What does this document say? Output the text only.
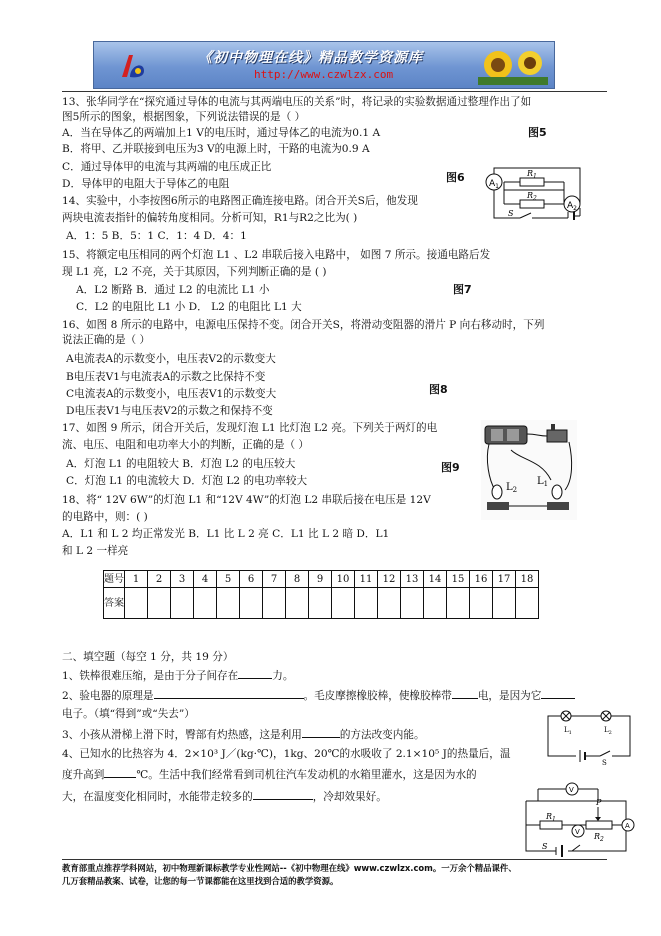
《初中物理在线》精品教学资源库
http://www.czwlzx.com
13、张华同学在“探究通过导体的电流与其两端电压的关系”时，将记录的实验数据通过整理作出了如
图5所示的图象，根据图象，下列说法错误的是（ ）
A．当在导体乙的两端加上1 V的电压时，通过导体乙的电流为0.1 A
B．将甲、乙并联接到电压为3 V的电源上时，干路的电流为0.9 A
C．通过导体甲的电流与其两端的电压成正比
D．导体甲的电阻大于导体乙的电阻
图5
图6	$A_1$
$A_2$
$R_1$
$R_2$
S
14、实验中，小李按图6所示的电路图正确连接电路。闭合开关S后，他发现
两块电流表指针的偏转角度相同。分析可知，R1与R2之比为( )
A．1：5 B．5：1 C．1：4 D．4：1
15、将额定电压相同的两个灯泡 L1 、L2 串联后接入电路中， 如图 7 所示。接通电路后发
现 L1 亮，L2 不亮，关于其原因，下列判断正确的是 ( )
A．L2 断路 B．通过 L2 的电流比 L1 小
C．L2 的电阻比 L1 小 D． L2 的电阻比 L1 大
图7
16、如图 8 所示的电路中，电源电压保持不变。闭合开关S，将滑动变阻器的滑片 P 向右移动时，下列
说法正确的是（ ）
A电流表A的示数变小，电压表V2的示数变大
B电压表V1与电流表A的示数之比保持不变
C电流表A的示数变小，电压表V1的示数变大
D电压表V1与电压表V2的示数之和保持不变
图8
17、如图 9 所示，闭合开关后，发现灯泡 L1 比灯泡 L2 亮。下列关于两灯的电
流、电压、电阻和电功率大小的判断，正确的是（ ）
A．灯泡 L1 的电阻较大 B．灯泡 L2 的电压较大
C．灯泡 L1 的电流较大 D．灯泡 L2 的电功率较大
图9
$L_2$
$L_1$
18、将“ 12V 6W”的灯泡 L1 和“12V 4W”的灯泡 L2 串联后接在电压是 12V
的电路中，则：( )
A．L1 和 L 2 均正常发光 B．L1 比 L 2 亮 C．L1 比 L 2 暗 D．L1
和 L 2 一样亮
题号	1	2	3	4	5	6	7	8	9	10	11	12	13	14	15	16	17	18
答案																		
二、填空题（每空 1 分，共 19 分）
1、铁棒很难压缩，是由于分子间存在	力。
2、验电器的原理是	。毛皮摩擦橡胶棒，使橡胶棒带 电，是因为它
电子。（填“得到”或“失去”）
3、小孩从滑梯上滑下时，臀部有灼热感，这是利用	的方法改变内能。
4、已知水的比热容为 4．2×10³ J／(kg·℃)，1kg、20℃的水吸收了 2.1×10⁵ J的热量后，温
度升高到	℃。生活中我们经常看到司机往汽车发动机的水箱里灌水，这是因为水的
大，在温度变化相同时，水能带走较多的	，冷却效果好。
$L_1$	$L_2$
S
V
V
A
P
$R_1$
$R_2$
S
教育部重点推荐学科网站，初中物理新课标教学专业性网站--《初中物理在线》www.czwlzx.com。一万余个精品课件、
几万套精品教案、试卷，让您的每一节课都能在这里找到合适的教学资源。
